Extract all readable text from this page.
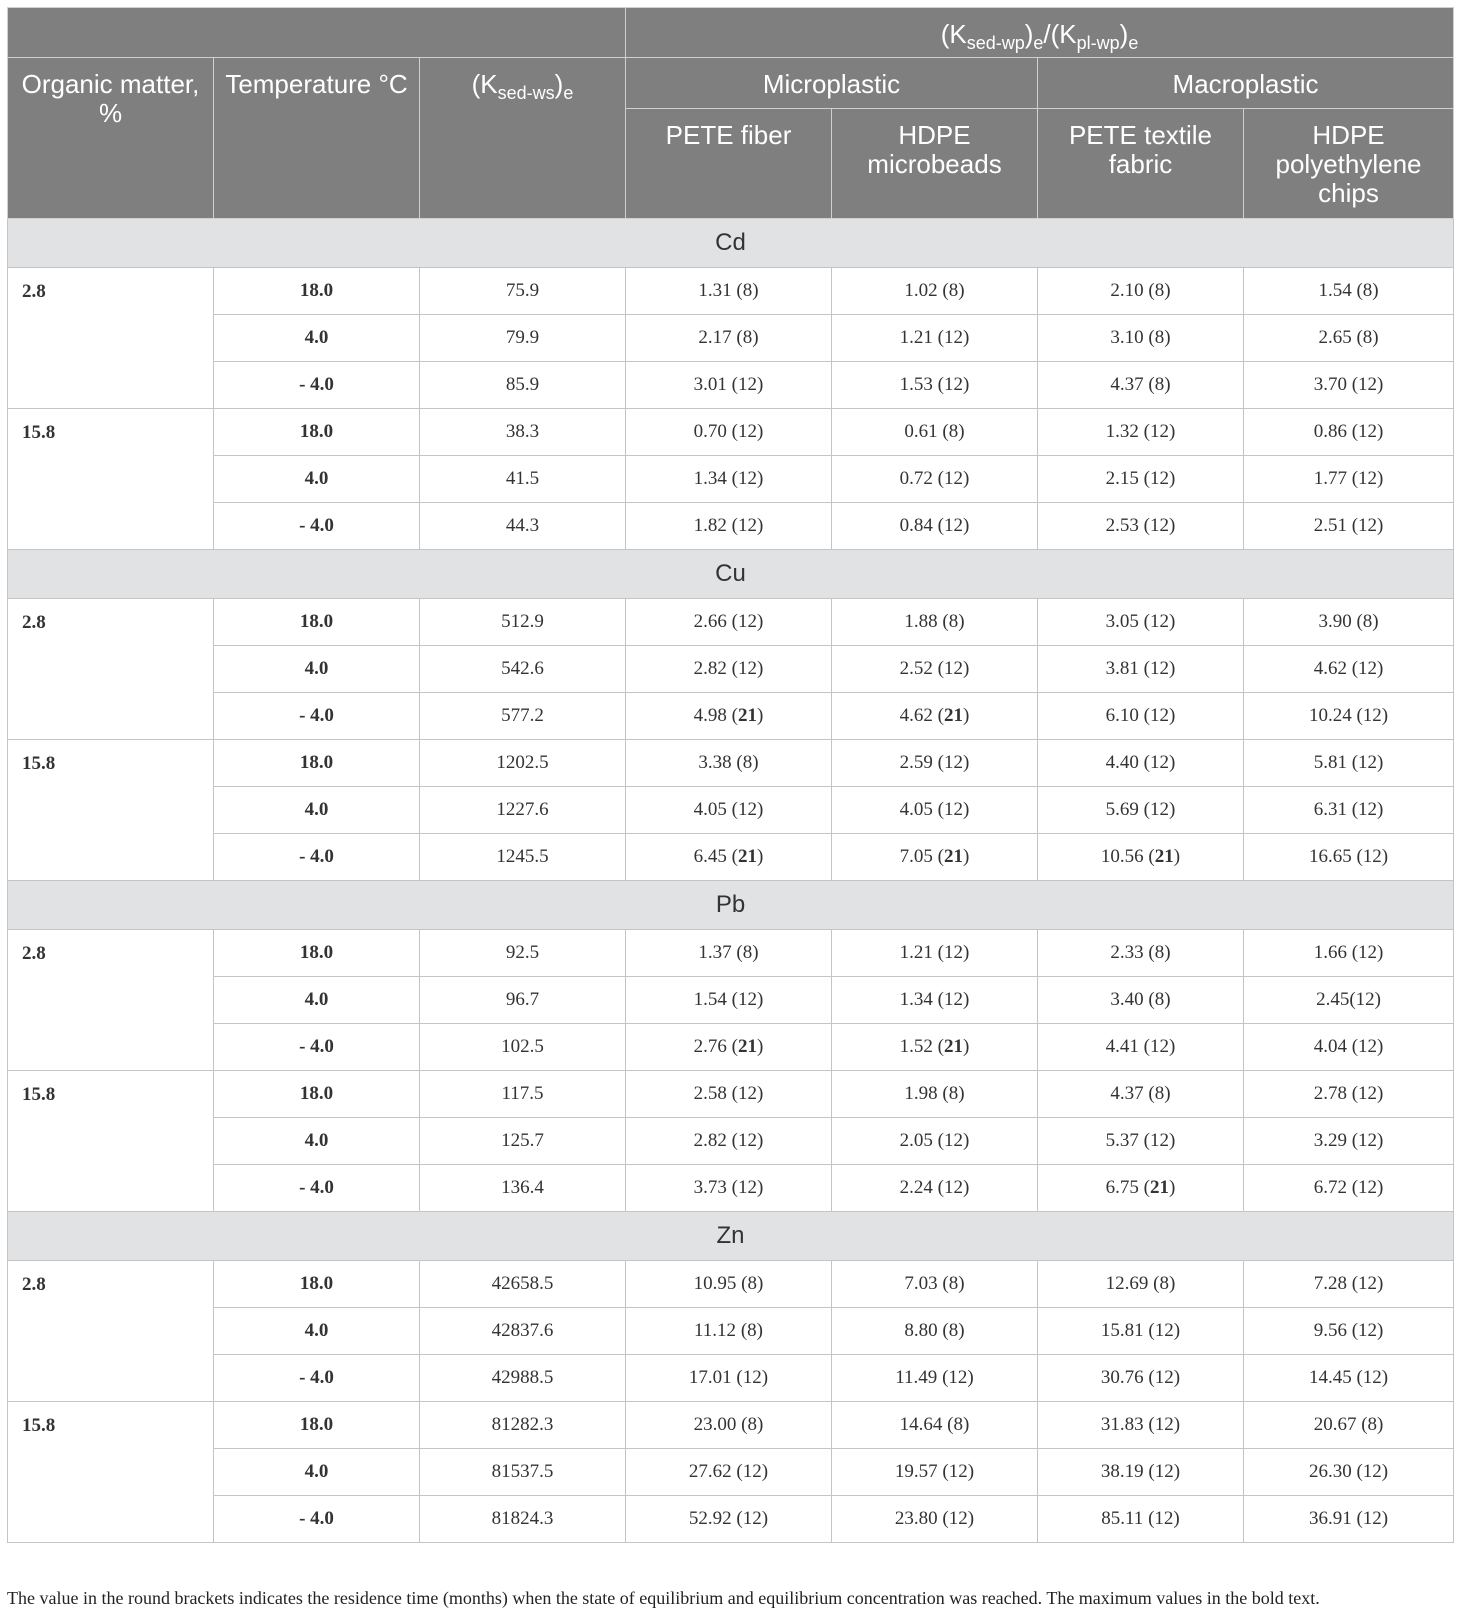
			$(K_{sed-wp})_e/(K_{pl-wp})_e$
Organic matter, %	Temperature °C	$(K_{sed-ws})_e$	Microplastic		Macroplastic	
			PETE fiber	HDPE microbeads	PETE textile fabric	HDPE polyethylene chips
Cd						
2.8	18.0	75.9	1.31 (8)	1.02 (8)	2.10 (8)	1.54 (8)
	4.0	79.9	2.17 (8)	1.21 (12)	3.10 (8)	2.65 (8)
	- 4.0	85.9	3.01 (12)	1.53 (12)	4.37 (8)	3.70 (12)
15.8	18.0	38.3	0.70 (12)	0.61 (8)	1.32 (12)	0.86 (12)
	4.0	41.5	1.34 (12)	0.72 (12)	2.15 (12)	1.77 (12)
	- 4.0	44.3	1.82 (12)	0.84 (12)	2.53 (12)	2.51 (12)
Cu						
2.8	18.0	512.9	2.66 (12)	1.88 (8)	3.05 (12)	3.90 (8)
	4.0	542.6	2.82 (12)	2.52 (12)	3.81 (12)	4.62 (12)
	- 4.0	577.2	4.98 (21)	4.62 (21)	6.10 (12)	10.24 (12)
15.8	18.0	1202.5	3.38 (8)	2.59 (12)	4.40 (12)	5.81 (12)
	4.0	1227.6	4.05 (12)	4.05 (12)	5.69 (12)	6.31 (12)
	- 4.0	1245.5	6.45 (21)	7.05 (21)	10.56 (21)	16.65 (12)
Pb						
2.8	18.0	92.5	1.37 (8)	1.21 (12)	2.33 (8)	1.66 (12)
	4.0	96.7	1.54 (12)	1.34 (12)	3.40 (8)	2.45(12)
	- 4.0	102.5	2.76 (21)	1.52 (21)	4.41 (12)	4.04 (12)
15.8	18.0	117.5	2.58 (12)	1.98 (8)	4.37 (8)	2.78 (12)
	4.0	125.7	2.82 (12)	2.05 (12)	5.37 (12)	3.29 (12)
	- 4.0	136.4	3.73 (12)	2.24 (12)	6.75 (21)	6.72 (12)
Zn						
2.8	18.0	42658.5	10.95 (8)	7.03 (8)	12.69 (8)	7.28 (12)
	4.0	42837.6	11.12 (8)	8.80 (8)	15.81 (12)	9.56 (12)
	- 4.0	42988.5	17.01 (12)	11.49 (12)	30.76 (12)	14.45 (12)
15.8	18.0	81282.3	23.00 (8)	14.64 (8)	31.83 (12)	20.67 (8)
	4.0	81537.5	27.62 (12)	19.57 (12)	38.19 (12)	26.30 (12)
	- 4.0	81824.3	52.92 (12)	23.80 (12)	85.11 (12)	36.91 (12)
The value in the round brackets indicates the residence time (months) when the state of equilibrium and equilibrium concentration was reached. The maximum values in the bold text.
